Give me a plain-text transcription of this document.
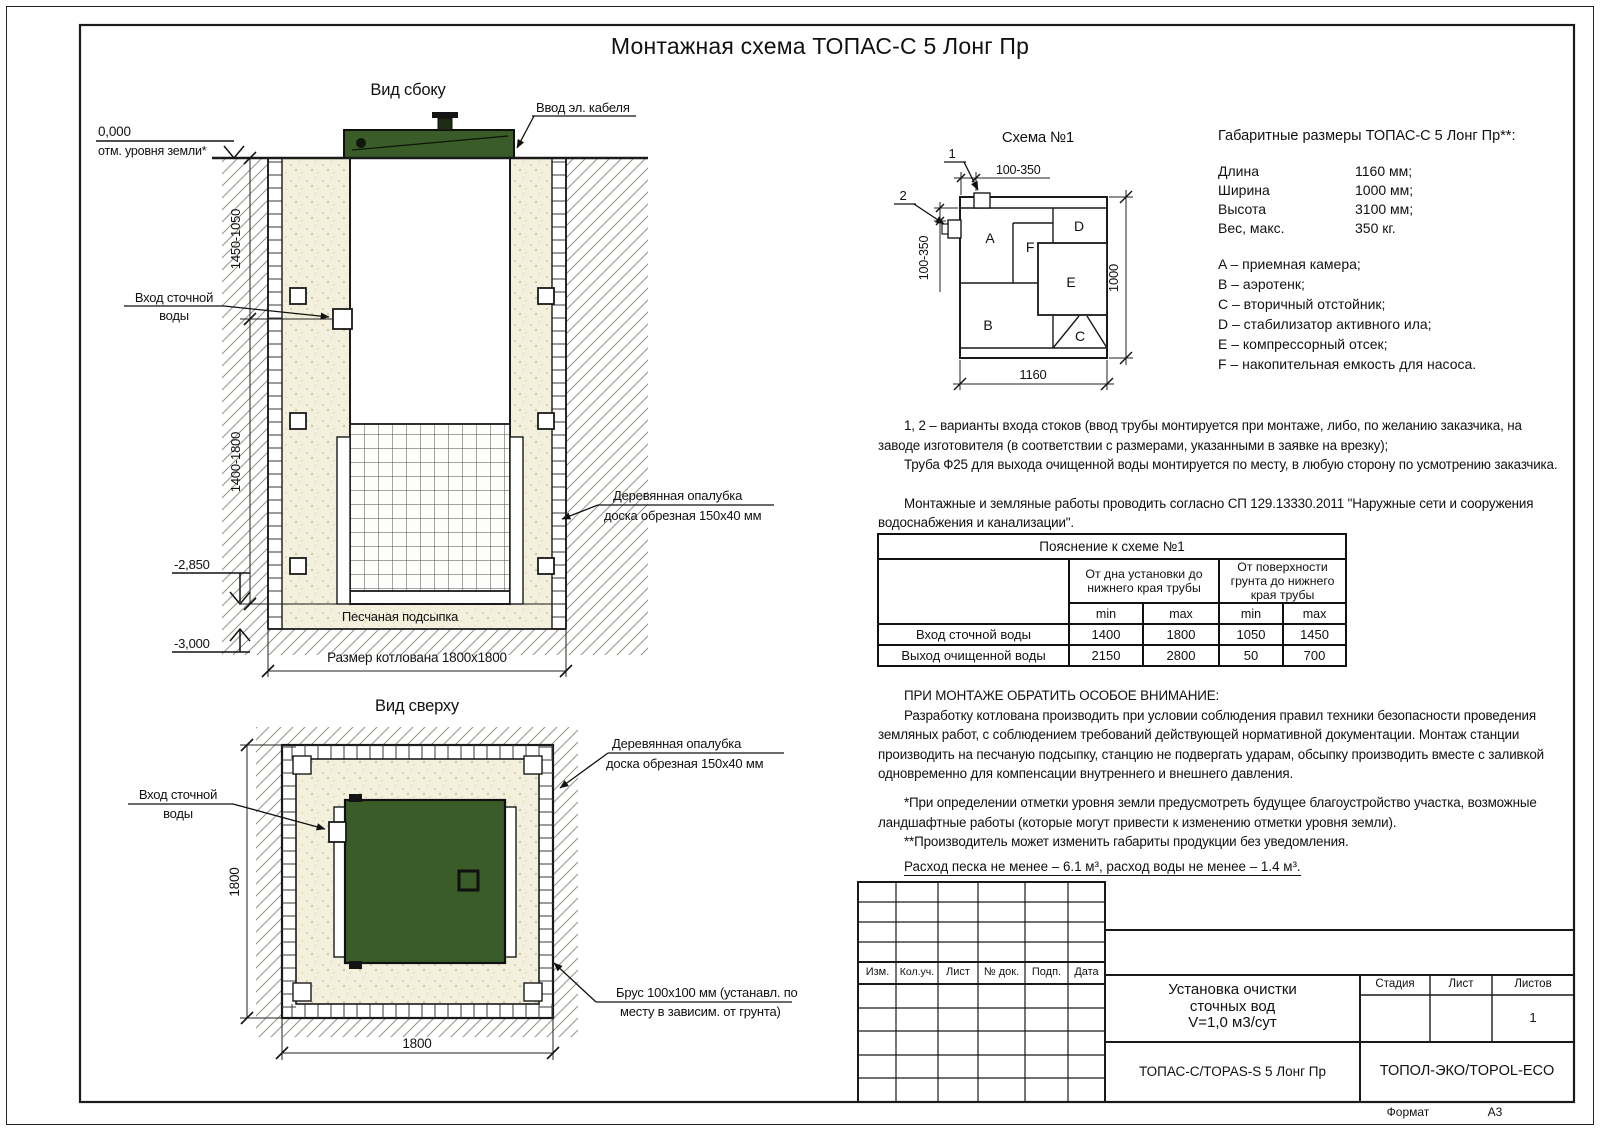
Вид сбоку
Ввод эл. кабеля
0,000
отм. уровня земли*
1450-1050
1400-1800
Вход сточной
воды
-2,850
-3,000
Песчаная подсыпка
Размер котлована 1800x1800
Деревянная опалубка
доска обрезная 150x40 мм
Вид сверху
Вход сточной
воды
1800
1800
Деревянная опалубка
доска обрезная 150x40 мм
Брус 100x100 мм (устанавл. по
месту в зависим. от грунта)
Схема №1
1
2
100-350
100-350
1160
1000
A
F
D
E
B
C
Монтажная схема ТОПАС-С 5 Лонг Пр
Габаритные размеры ТОПАС-С 5 Лонг Пр**:
Длина	1160 мм;
Ширина	1000 мм;
Высота	3100 мм;
Вес, макс.	350 кг.
A – приемная камера;
B – аэротенк;
C – вторичный отстойник;
D – стабилизатор активного ила;
E – компрессорный отсек;
F – накопительная емкость для насоса.

1, 2 – варианты входа стоков (ввод трубы монтируется при монтаже, либо, по желанию заказчика, на заводе изготовителя (в соответствии с размерами, указанными в заявке на врезку);

Труба Ф25 для выхода очищенной воды монтируется по месту, в любую сторону по усмотрению заказчика.

Монтажные и земляные работы проводить согласно СП 129.13330.2011 "Наружные сети и сооружения водоснабжения и канализации".

Пояснение к схеме №1				
	От дна установки до нижнего края трубы		От поверхности грунта до нижнего края трубы	
	min	max	min	max
Вход сточной воды	1400	1800	1050	1450
Выход очищенной воды	2150	2800	50	700
ПРИ МОНТАЖЕ ОБРАТИТЬ ОСОБОЕ ВНИМАНИЕ:

Разработку котлована производить при условии соблюдения правил техники безопасности проведения земляных работ, с соблюдением требований действующей нормативной документации. Монтаж станции производить на песчаную подсыпку, станцию не подвергать ударам, обсыпку производить вместе с заливкой одновременно для компенсации внутреннего и внешнего давления.

*При определении отметки уровня земли предусмотреть будущее благоустройство участка, возможные ландшафтные работы (которые могут привести к изменению отметки уровня земли).

**Производитель может изменить габариты продукции без уведомления.

Расход песка не менее – 6.1 м³, расход воды не менее – 1.4 м³.
Изм.	Кол.уч.	Лист	№ док.	Подп.	Дата
Установка очистки
сточных вод
V=1,0 м3/сут
Стадия	Лист	Листов
1
ТОПАС-С/TOPAS-S 5 Лонг Пр	ТОПОЛ-ЭКО/TOPOL-ECO
Формат	А3
